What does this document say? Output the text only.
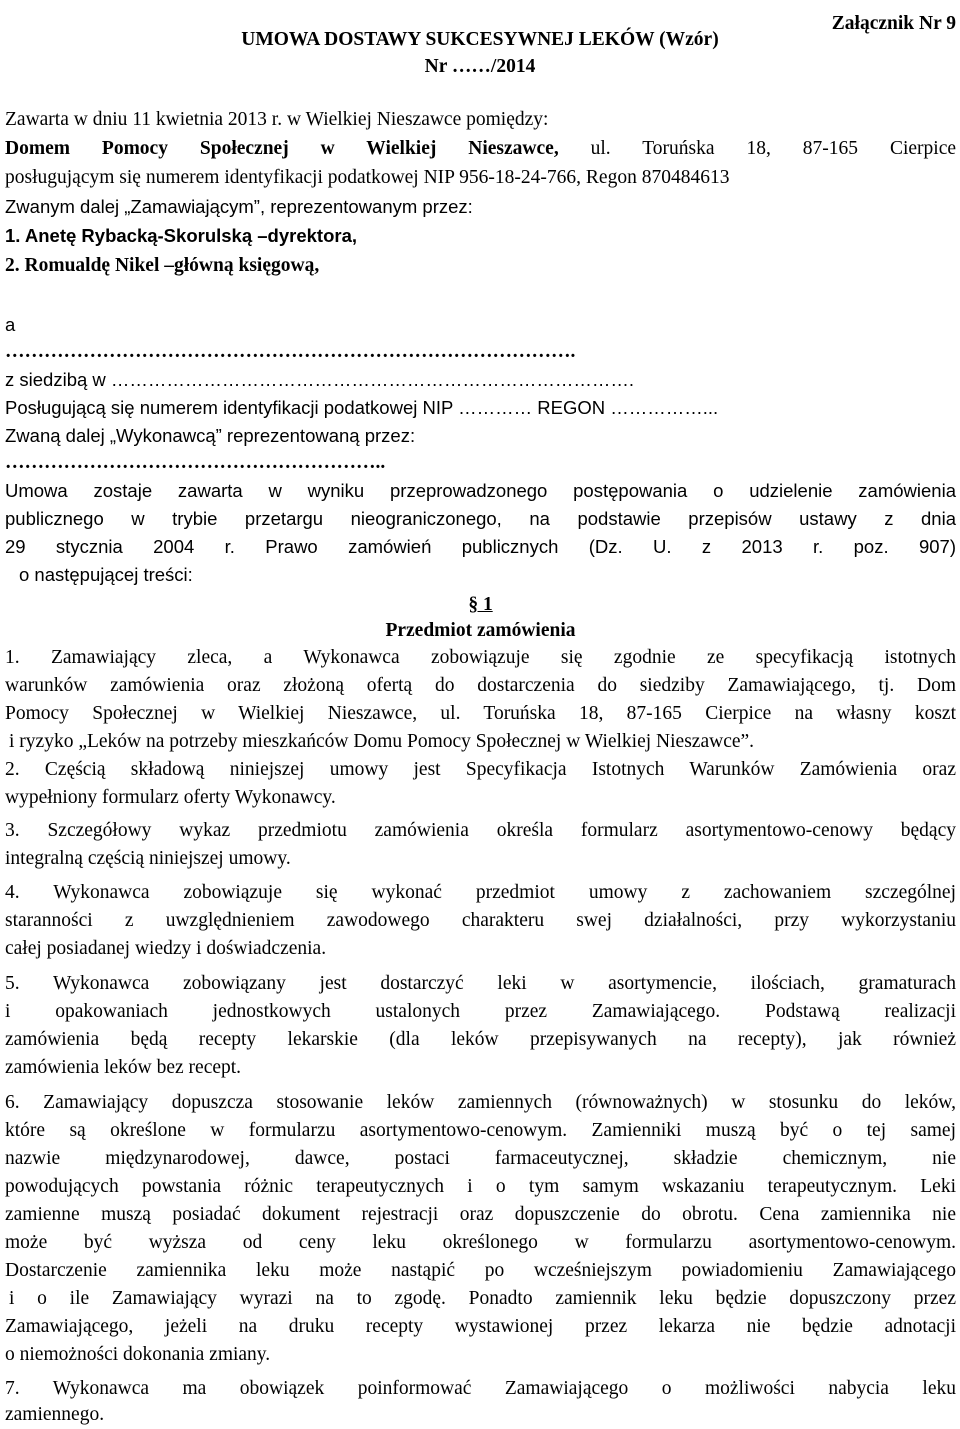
Załącznik Nr 9
UMOWA DOSTAWY SUKCESYWNEJ LEKÓW (Wzór)
Nr ……/2014
Zawarta w dniu 11 kwietnia 2013 r. w Wielkiej Nieszawce pomiędzy:
Domem Pomocy Społecznej w Wielkiej Nieszawce, ul. Toruńska 18, 87-165 Cierpice
posługującym się numerem identyfikacji podatkowej NIP 956-18-24-766, Regon 870484613
Zwanym dalej „Zamawiającym”, reprezentowanym przez:
1. Anetę Rybacką-Skorulską –dyrektora,
2. Romualdę Nikel –główną księgową,
a
…………………………………………………………………………….
z siedzibą w ………………………………………………………………………….
Posługującą się numerem identyfikacji podatkowej NIP ………… REGON ……………...
Zwaną dalej „Wykonawcą” reprezentowaną przez:
…………………………………………………..
Umowa zostaje zawarta w wyniku przeprowadzonego postępowania o udzielenie zamówienia
publicznego w trybie przetargu nieograniczonego, na podstawie przepisów ustawy z dnia
29 stycznia 2004 r. Prawo zamówień publicznych (Dz. U. z 2013 r. poz. 907)
o następującej treści:
§ 1
Przedmiot zamówienia
1. Zamawiający zleca, a Wykonawca zobowiązuje się zgodnie ze specyfikacją istotnych
warunków zamówienia oraz złożoną ofertą do dostarczenia do siedziby Zamawiającego, tj. Dom
Pomocy Społecznej w Wielkiej Nieszawce, ul. Toruńska 18, 87-165 Cierpice na własny koszt
i ryzyko „Leków na potrzeby mieszkańców Domu Pomocy Społecznej w Wielkiej Nieszawce”.
2. Częścią składową niniejszej umowy jest Specyfikacja Istotnych Warunków Zamówienia oraz
wypełniony formularz oferty Wykonawcy.
3. Szczegółowy wykaz przedmiotu zamówienia określa formularz asortymentowo-cenowy będący
integralną częścią niniejszej umowy.
4. Wykonawca zobowiązuje się wykonać przedmiot umowy z zachowaniem szczególnej
staranności z uwzględnieniem zawodowego charakteru swej działalności, przy wykorzystaniu
całej posiadanej wiedzy i doświadczenia.
5. Wykonawca zobowiązany jest dostarczyć leki w asortymencie, ilościach, gramaturach
i opakowaniach jednostkowych ustalonych przez Zamawiającego. Podstawą realizacji
zamówienia będą recepty lekarskie (dla leków przepisywanych na recepty), jak również
zamówienia leków bez recept.
6. Zamawiający dopuszcza stosowanie leków zamiennych (równoważnych) w stosunku do leków,
które są określone w formularzu asortymentowo-cenowym. Zamienniki muszą być o tej samej
nazwie międzynarodowej, dawce, postaci farmaceutycznej, składzie chemicznym, nie
powodujących powstania różnic terapeutycznych i o tym samym wskazaniu terapeutycznym. Leki
zamienne muszą posiadać dokument rejestracji oraz dopuszczenie do obrotu. Cena zamiennika nie
może być wyższa od ceny leku określonego w formularzu asortymentowo-cenowym.
Dostarczenie zamiennika leku może nastąpić po wcześniejszym powiadomieniu Zamawiającego
i o ile Zamawiający wyrazi na to zgodę. Ponadto zamiennik leku będzie dopuszczony przez
Zamawiającego, jeżeli na druku recepty wystawionej przez lekarza nie będzie adnotacji
o niemożności dokonania zmiany.
7. Wykonawca ma obowiązek poinformować Zamawiającego o możliwości nabycia leku
zamiennego.
